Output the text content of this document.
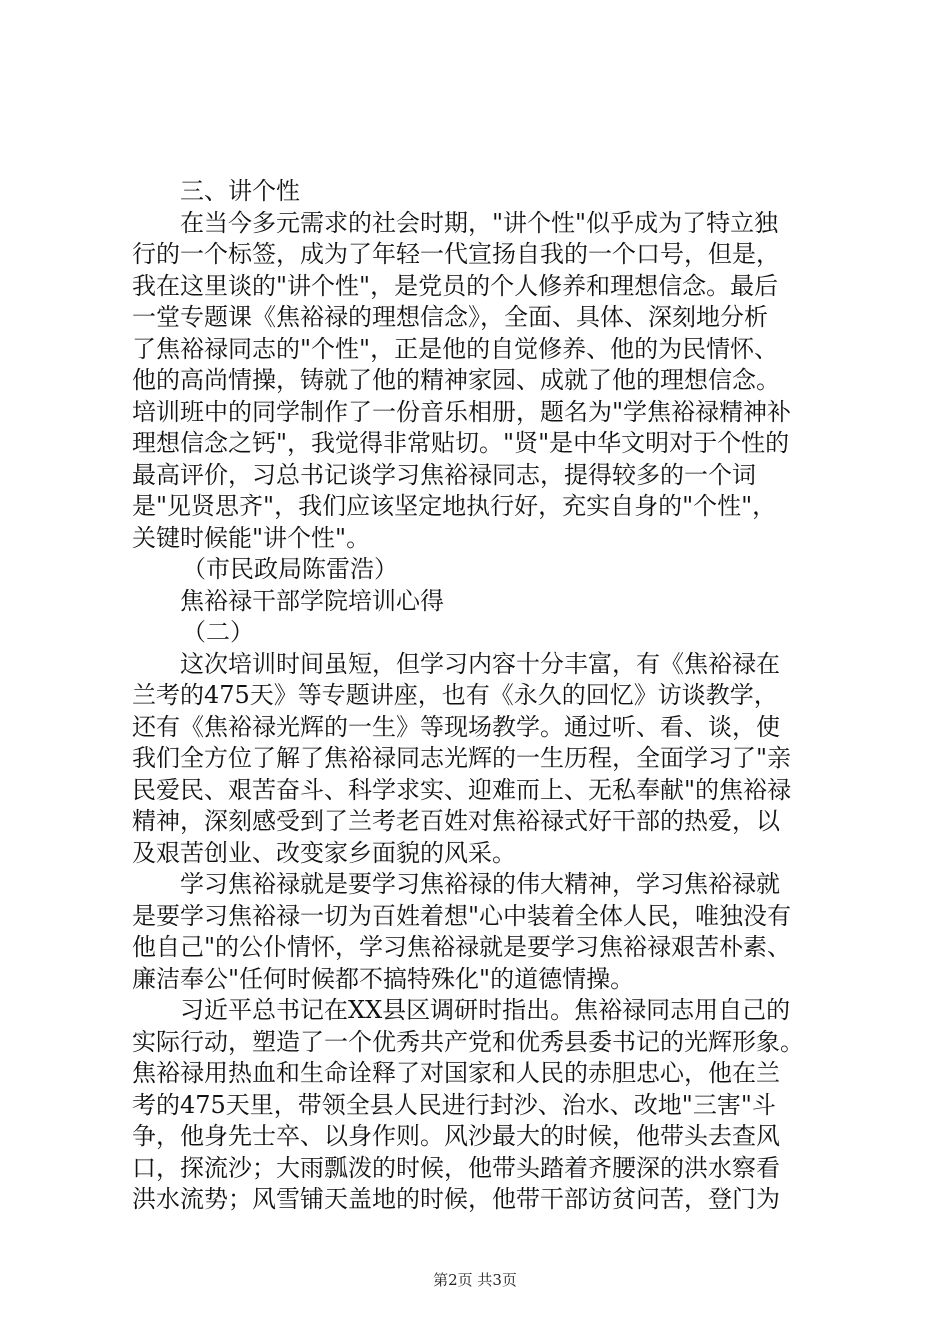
三、讲个性

在当今多元需求的社会时期，"讲个性"似乎成为了特立独

行的一个标签，成为了年轻一代宣扬自我的一个口号，但是，

我在这里谈的"讲个性"，是党员的个人修养和理想信念。最后

一堂专题课《焦裕禄的理想信念》，全面、具体、深刻地分析

了焦裕禄同志的"个性"，正是他的自觉修养、他的为民情怀、

他的高尚情操，铸就了他的精神家园、成就了他的理想信念。

培训班中的同学制作了一份音乐相册，题名为"学焦裕禄精神补

理想信念之钙"，我觉得非常贴切。"贤"是中华文明对于个性的

最高评价，习总书记谈学习焦裕禄同志，提得较多的一个词

是"见贤思齐"，我们应该坚定地执行好，充实自身的"个性"，

关键时候能"讲个性"。

（市民政局陈雷浩）

焦裕禄干部学院培训心得

（二）

这次培训时间虽短，但学习内容十分丰富，有《焦裕禄在

兰考的475天》等专题讲座，也有《永久的回忆》访谈教学，

还有《焦裕禄光辉的一生》等现场教学。通过听、看、谈，使

我们全方位了解了焦裕禄同志光辉的一生历程，全面学习了"亲

民爱民、艰苦奋斗、科学求实、迎难而上、无私奉献"的焦裕禄

精神，深刻感受到了兰考老百姓对焦裕禄式好干部的热爱，以

及艰苦创业、改变家乡面貌的风采。

学习焦裕禄就是要学习焦裕禄的伟大精神，学习焦裕禄就

是要学习焦裕禄一切为百姓着想"心中装着全体人民，唯独没有

他自己"的公仆情怀，学习焦裕禄就是要学习焦裕禄艰苦朴素、

廉洁奉公"任何时候都不搞特殊化"的道德情操。

习近平总书记在XX县区调研时指出。焦裕禄同志用自己的

实际行动，塑造了一个优秀共产党和优秀县委书记的光辉形象。

焦裕禄用热血和生命诠释了对国家和人民的赤胆忠心，他在兰

考的475天里，带领全县人民进行封沙、治水、改地"三害"斗

争，他身先士卒、以身作则。风沙最大的时候，他带头去查风

口，探流沙；大雨瓢泼的时候，他带头踏着齐腰深的洪水察看

洪水流势；风雪铺天盖地的时候，他带干部访贫问苦，登门为

第2页 共3页
